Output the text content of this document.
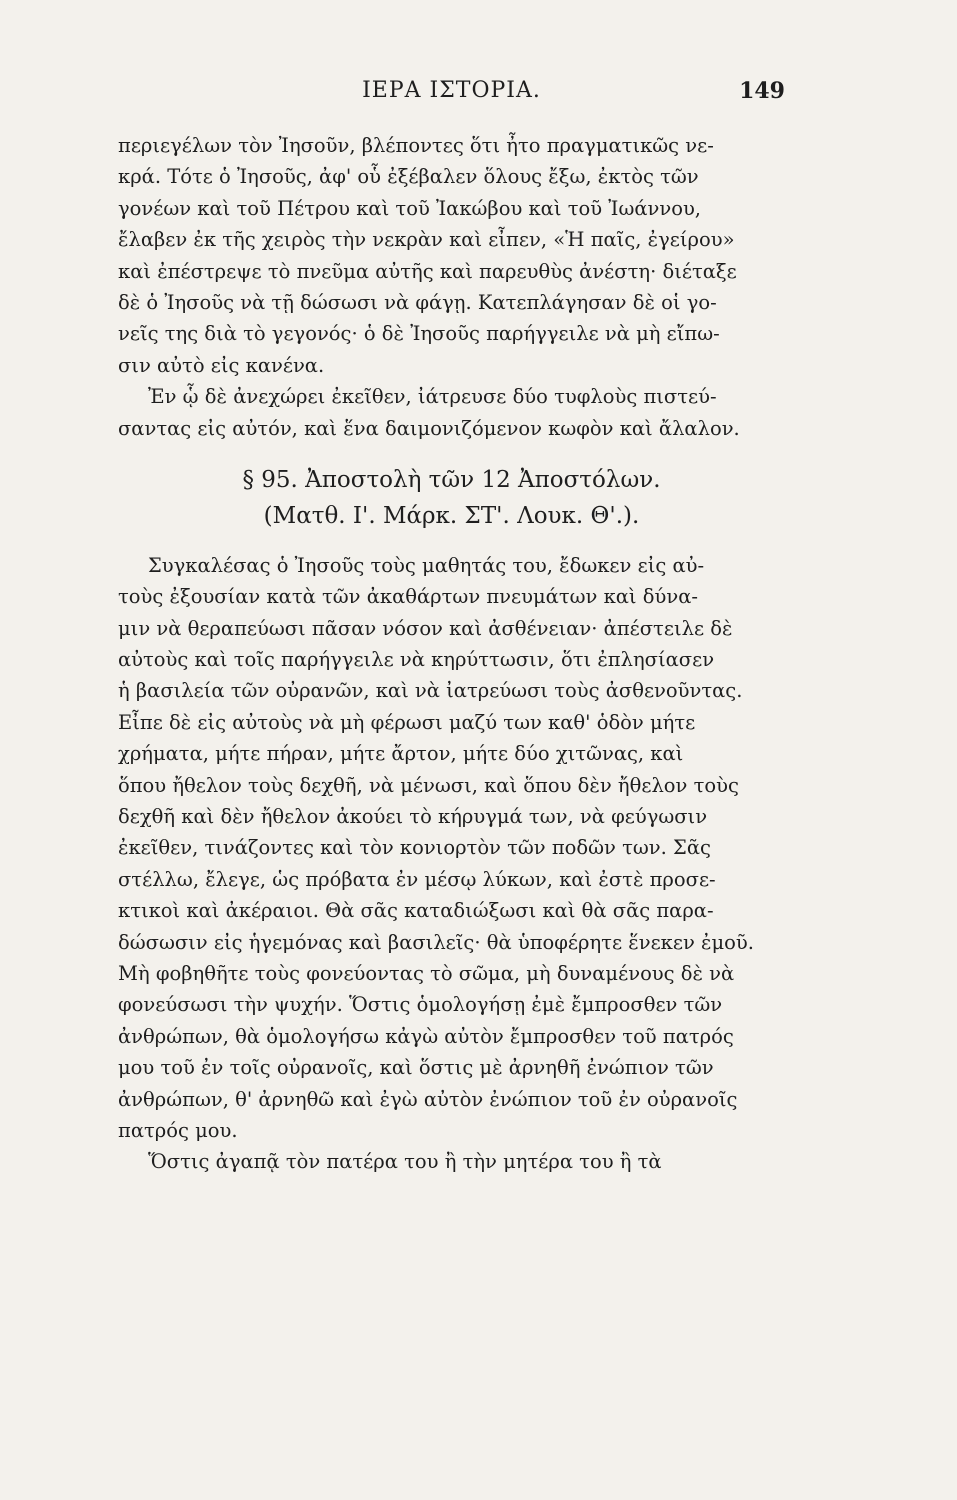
ΙΕΡΑ ΙΣΤΟΡΙΑ.	149
περιεγέλων τὸν Ἰησοῦν, βλέποντες ὅτι ἦτο πραγματικῶς νε-
κρά. Τότε ὁ Ἰησοῦς, ἀφ' οὗ ἐξέβαλεν ὅλους ἔξω, ἐκτὸς τῶν
γονέων καὶ τοῦ Πέτρου καὶ τοῦ Ἰακώβου καὶ τοῦ Ἰωάννου,
ἔλαβεν ἐκ τῆς χειρὸς τὴν νεκρὰν καὶ εἶπεν, «Ἡ παῖς, ἐγείρου»
καὶ ἐπέστρεψε τὸ πνεῦμα αὐτῆς καὶ παρευθὺς ἀνέστη· διέταξε
δὲ ὁ Ἰησοῦς νὰ τῇ δώσωσι νὰ φάγῃ. Κατεπλάγησαν δὲ οἱ γο-
νεῖς της διὰ τὸ γεγονός· ὁ δὲ Ἰησοῦς παρήγγειλε νὰ μὴ εἴπω-
σιν αὐτὸ εἰς κανένα.
Ἐν ᾧ δὲ ἀνεχώρει ἐκεῖθεν, ἰάτρευσε δύο τυφλοὺς πιστεύ-
σαντας εἰς αὐτόν, καὶ ἕνα δαιμονιζόμενον κωφὸν καὶ ἄλαλον.
§ 95. Ἀποστολὴ τῶν 12 Ἀποστόλων.
(Ματθ. Ι'. Μάρκ. ΣΤ'. Λουκ. Θ'.).
Συγκαλέσας ὁ Ἰησοῦς τοὺς μαθητάς του, ἔδωκεν εἰς αὐ-
τοὺς ἐξουσίαν κατὰ τῶν ἀκαθάρτων πνευμάτων καὶ δύνα-
μιν νὰ θεραπεύωσι πᾶσαν νόσον καὶ ἀσθένειαν· ἀπέστειλε δὲ
αὐτοὺς καὶ τοῖς παρήγγειλε νὰ κηρύττωσιν, ὅτι ἐπλησίασεν
ἡ βασιλεία τῶν οὐρανῶν, καὶ νὰ ἰατρεύωσι τοὺς ἀσθενοῦντας.
Εἶπε δὲ εἰς αὐτοὺς νὰ μὴ φέρωσι μαζύ των καθ' ὁδὸν μήτε
χρήματα, μήτε πήραν, μήτε ἄρτον, μήτε δύο χιτῶνας, καὶ
ὅπου ἤθελον τοὺς δεχθῆ, νὰ μένωσι, καὶ ὅπου δὲν ἤθελον τοὺς
δεχθῆ καὶ δὲν ἤθελον ἀκούει τὸ κήρυγμά των, νὰ φεύγωσιν
ἐκεῖθεν, τινάζοντες καὶ τὸν κονιορτὸν τῶν ποδῶν των. Σᾶς
στέλλω, ἔλεγε, ὡς πρόβατα ἐν μέσῳ λύκων, καὶ ἐστὲ προσε-
κτικοὶ καὶ ἀκέραιοι. Θὰ σᾶς καταδιώξωσι καὶ θὰ σᾶς παρα-
δώσωσιν εἰς ἡγεμόνας καὶ βασιλεῖς· θὰ ὑποφέρητε ἕνεκεν ἐμοῦ.
Μὴ φοβηθῆτε τοὺς φονεύοντας τὸ σῶμα, μὴ δυναμένους δὲ νὰ
φονεύσωσι τὴν ψυχήν. Ὅστις ὁμολογήσῃ ἐμὲ ἔμπροσθεν τῶν
ἀνθρώπων, θὰ ὁμολογήσω κἀγὼ αὐτὸν ἔμπροσθεν τοῦ πατρός
μου τοῦ ἐν τοῖς οὐρανοῖς, καὶ ὅστις μὲ ἀρνηθῆ ἐνώπιον τῶν
ἀνθρώπων, θ' ἀρνηθῶ καὶ ἐγὼ αὐτὸν ἐνώπιον τοῦ ἐν οὐρανοῖς
πατρός μου.
Ὅστις ἀγαπᾷ τὸν πατέρα του ἢ τὴν μητέρα του ἢ τὰ
